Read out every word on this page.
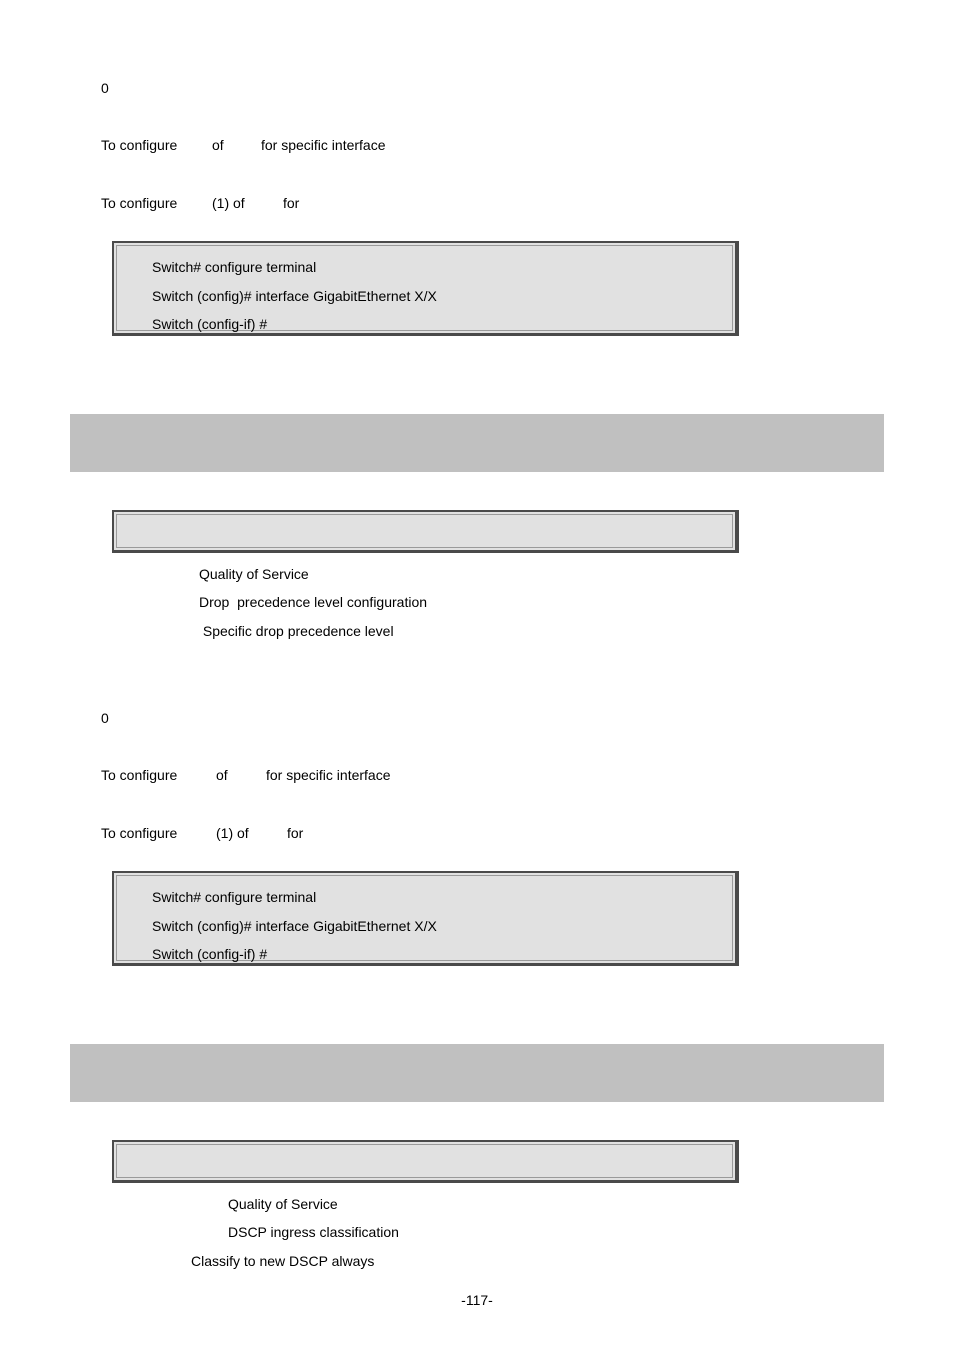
0
To configure of	for specific interface
To configure (1) of	for
Switch# configure terminal
Switch (config)# interface GigabitEthernet X/X
Switch (config-if) #
Quality of Service
Drop  precedence level configuration
Specific drop precedence level
0
To configure	of	for specific interface
To configure	(1) of	for
Switch# configure terminal
Switch (config)# interface GigabitEthernet X/X
Switch (config-if) #
Quality of Service
DSCP ingress classification
Classify to new DSCP always
-117-
